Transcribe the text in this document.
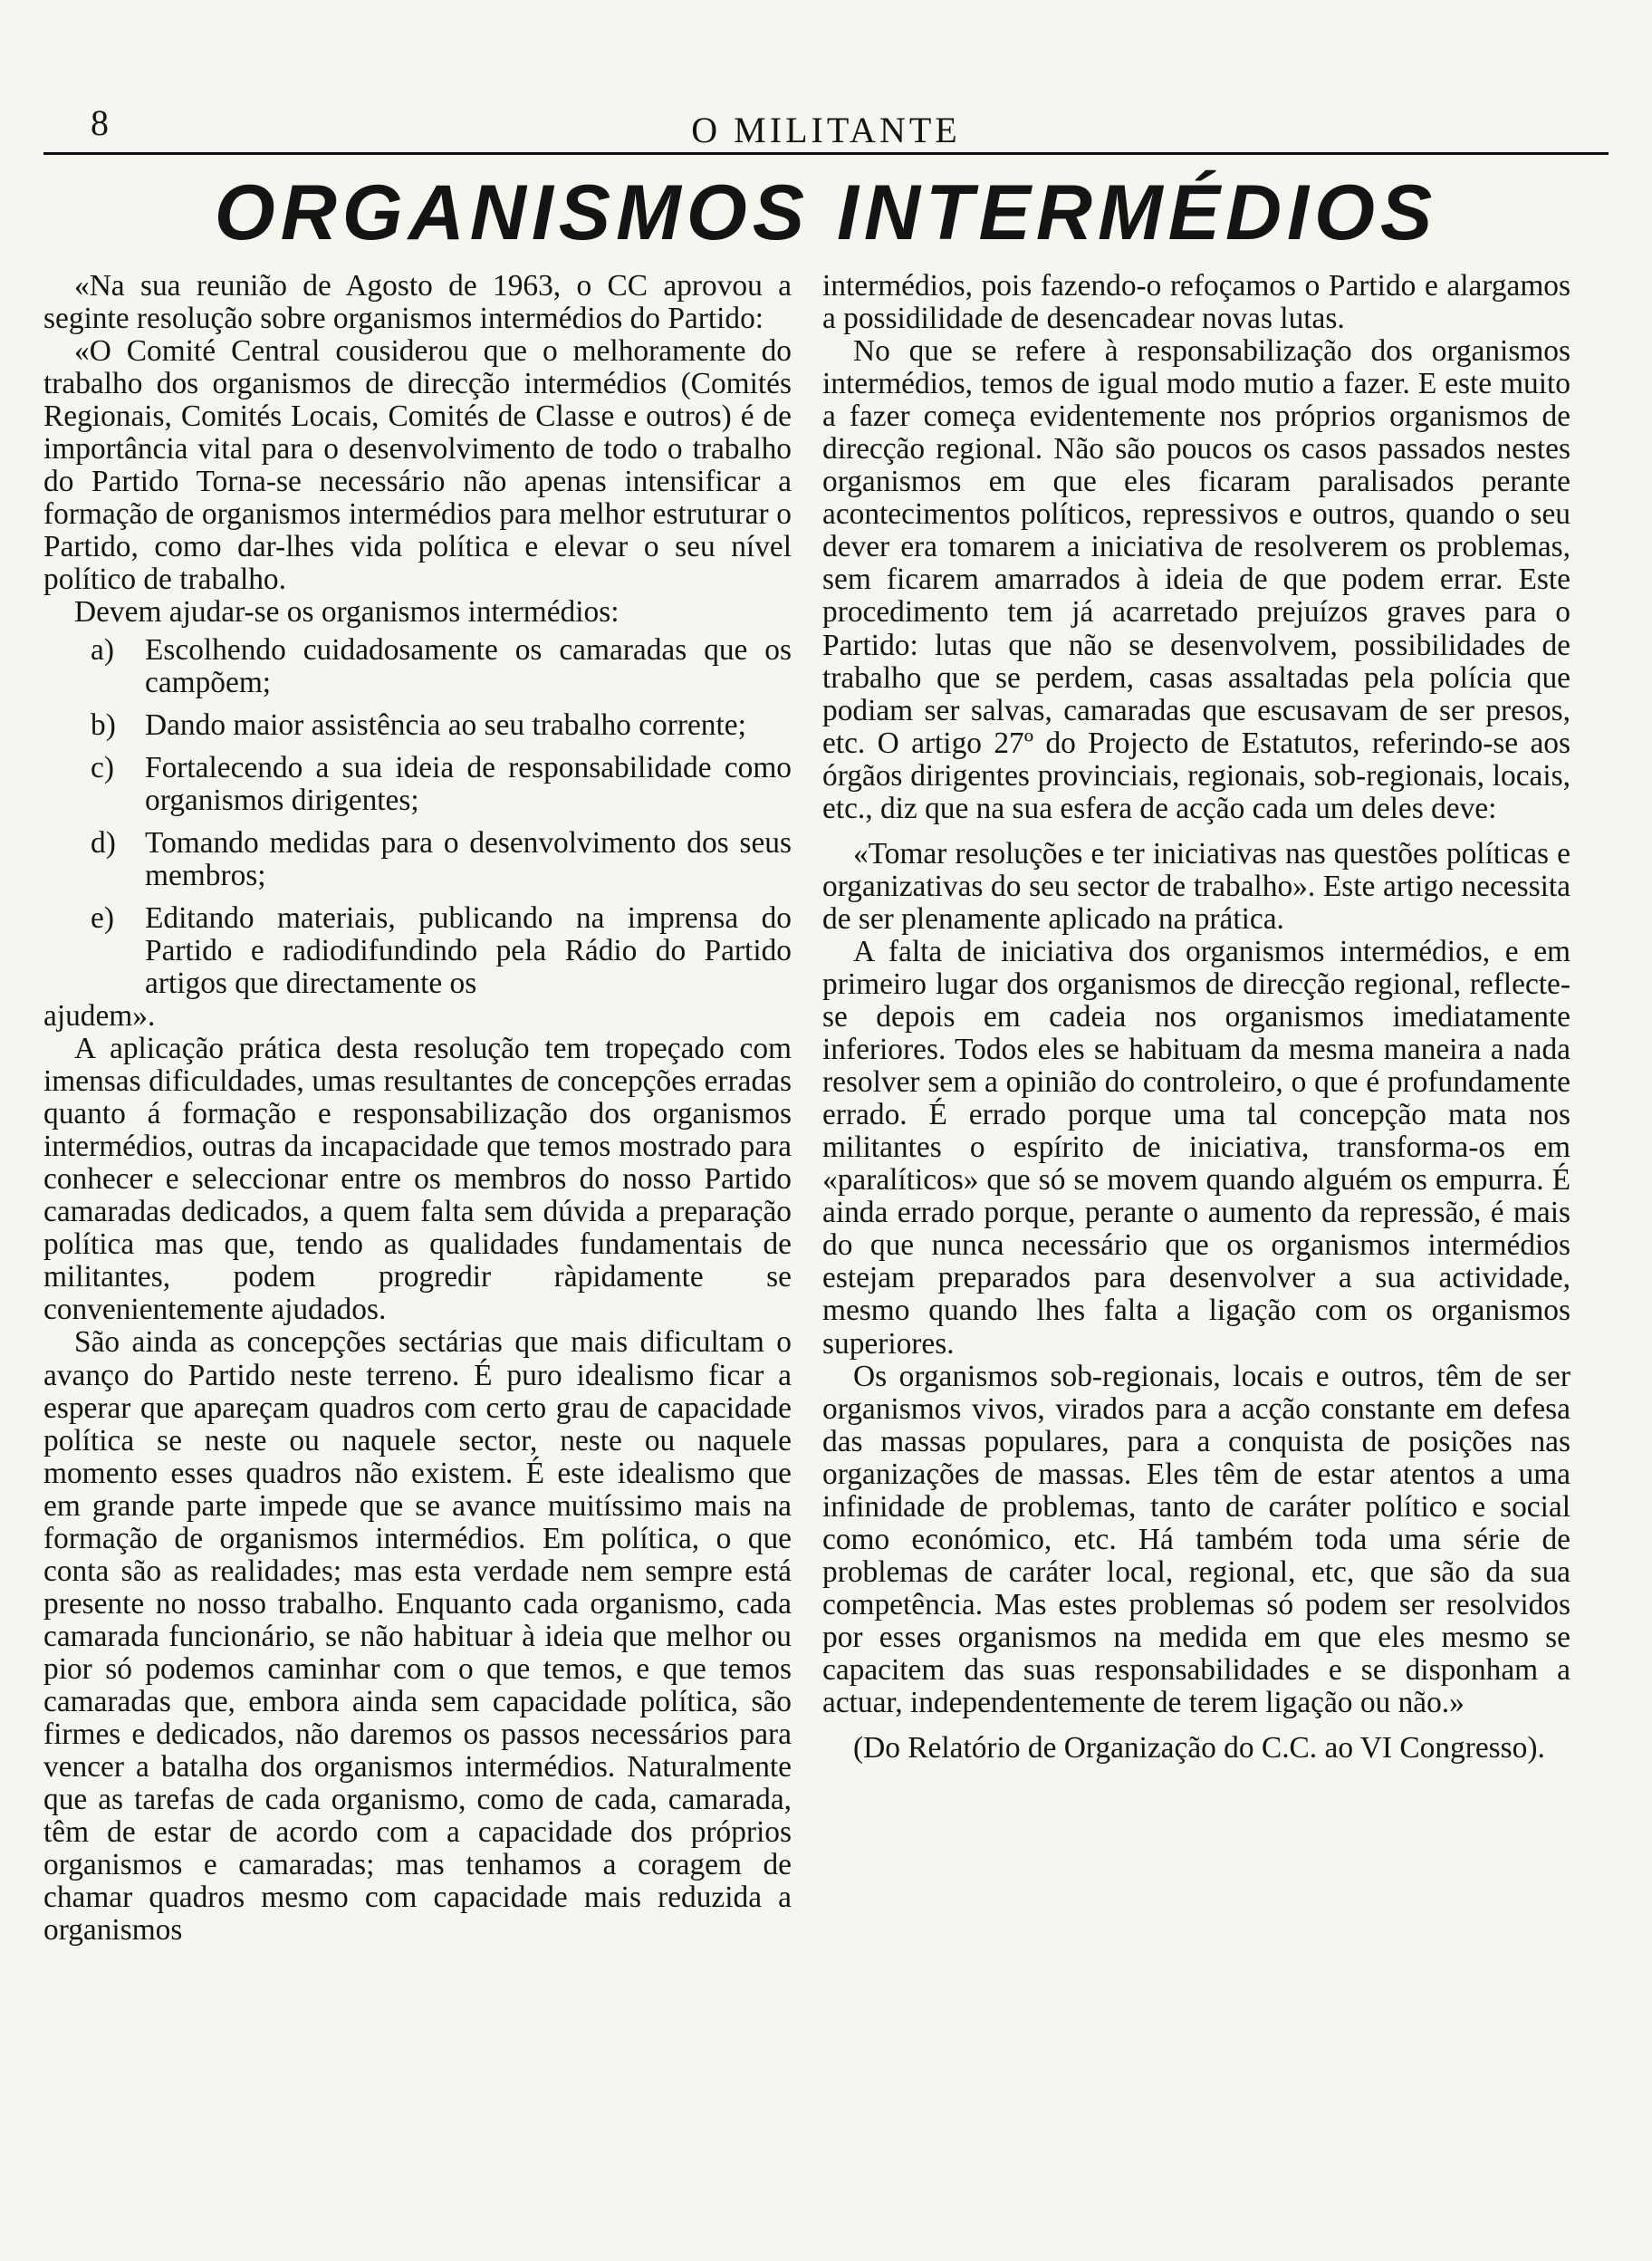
8	O MILITANTE
ORGANISMOS INTERMÉDIOS

«Na sua reunião de Agosto de 1963, o CC aprovou a seginte resolução sobre organismos intermédios do Partido:

«O Comité Central cousiderou que o melhoramente do trabalho dos organismos de direcção intermédios (Comités Regionais, Comités Locais, Comités de Classe e outros) é de importância vital para o desenvolvimento de todo o trabalho do Partido Torna-se necessário não apenas intensificar a formação de organismos intermédios para melhor estruturar o Partido, como dar-lhes vida política e elevar o seu nível político de trabalho.

Devem ajudar-se os organismos intermédios:

a) Escolhendo cuidadosamente os camaradas que os campõem;

b) Dando maior assistência ao seu trabalho corrente;

c) Fortalecendo a sua ideia de responsabilidade como organismos dirigentes;

d) Tomando medidas para o desenvolvimento dos seus membros;

e) Editando materiais, publicando na imprensa do Partido e radiodifundindo pela Rádio do Partido artigos que directamente os

ajudem».

A aplicação prática desta resolução tem tropeçado com imensas dificuldades, umas resultantes de concepções erradas quanto á formação e responsabilização dos organismos intermédios, outras da incapacidade que temos mostrado para conhecer e seleccionar entre os membros do nosso Partido camaradas dedicados, a quem falta sem dúvida a preparação política mas que, tendo as qualidades fundamentais de militantes, podem progredir ràpidamente se convenientemente ajudados.

São ainda as concepções sectárias que mais dificultam o avanço do Partido neste terreno. É puro idealismo ficar a esperar que apareçam quadros com certo grau de capacidade política se neste ou naquele sector, neste ou naquele momento esses quadros não existem. É este idealismo que em grande parte impede que se avance muitíssimo mais na formação de organismos intermédios. Em política, o que conta são as realidades; mas esta verdade nem sempre está presente no nosso trabalho. Enquanto cada organismo, cada camarada funcionário, se não habituar à ideia que melhor ou pior só podemos caminhar com o que temos, e que temos camaradas que, embora ainda sem capacidade política, são firmes e dedicados, não daremos os passos necessários para vencer a batalha dos organismos intermédios. Naturalmente que as tarefas de cada organismo, como de cada, camarada, têm de estar de acordo com a capacidade dos próprios organismos e camaradas; mas tenhamos a coragem de chamar quadros mesmo com capacidade mais reduzida a organismos

intermédios, pois fazendo-o refoçamos o Partido e alargamos a possidilidade de desencadear novas lutas.

No que se refere à responsabilização dos organismos intermédios, temos de igual modo mutio a fazer. E este muito a fazer começa evidentemente nos próprios organismos de direcção regional. Não são poucos os casos passados nestes organismos em que eles ficaram paralisados perante acontecimentos políticos, repressivos e outros, quando o seu dever era tomarem a iniciativa de resolverem os problemas, sem ficarem amarrados à ideia de que podem errar. Este procedimento tem já acarretado prejuízos graves para o Partido: lutas que não se desenvolvem, possibilidades de trabalho que se perdem, casas assaltadas pela polícia que podiam ser salvas, camaradas que escusavam de ser presos, etc. O artigo 27º do Projecto de Estatutos, referindo-se aos órgãos dirigentes provinciais, regionais, sob-regionais, locais, etc., diz que na sua esfera de acção cada um deles deve:

«Tomar resoluções e ter iniciativas nas questões políticas e organizativas do seu sector de trabalho». Este artigo necessita de ser plenamente aplicado na prática.

A falta de iniciativa dos organismos intermédios, e em primeiro lugar dos organismos de direcção regional, reflecte-se depois em cadeia nos organismos imediatamente inferiores. Todos eles se habituam da mesma maneira a nada resolver sem a opinião do controleiro, o que é profundamente errado. É errado porque uma tal concepção mata nos militantes o espírito de iniciativa, transforma-os em «paralíticos» que só se movem quando alguém os empurra. É ainda errado porque, perante o aumento da repressão, é mais do que nunca necessário que os organismos intermédios estejam preparados para desenvolver a sua actividade, mesmo quando lhes falta a ligação com os organismos superiores.

Os organismos sob-regionais, locais e outros, têm de ser organismos vivos, virados para a acção constante em defesa das massas populares, para a conquista de posições nas organizações de massas. Eles têm de estar atentos a uma infinidade de problemas, tanto de caráter político e social como económico, etc. Há também toda uma série de problemas de caráter local, regional, etc, que são da sua competência. Mas estes problemas só podem ser resolvidos por esses organismos na medida em que eles mesmo se capacitem das suas responsabilidades e se disponham a actuar, independentemente de terem ligação ou não.»

(Do Relatório de Organização do C.C. ao VI Congresso).
